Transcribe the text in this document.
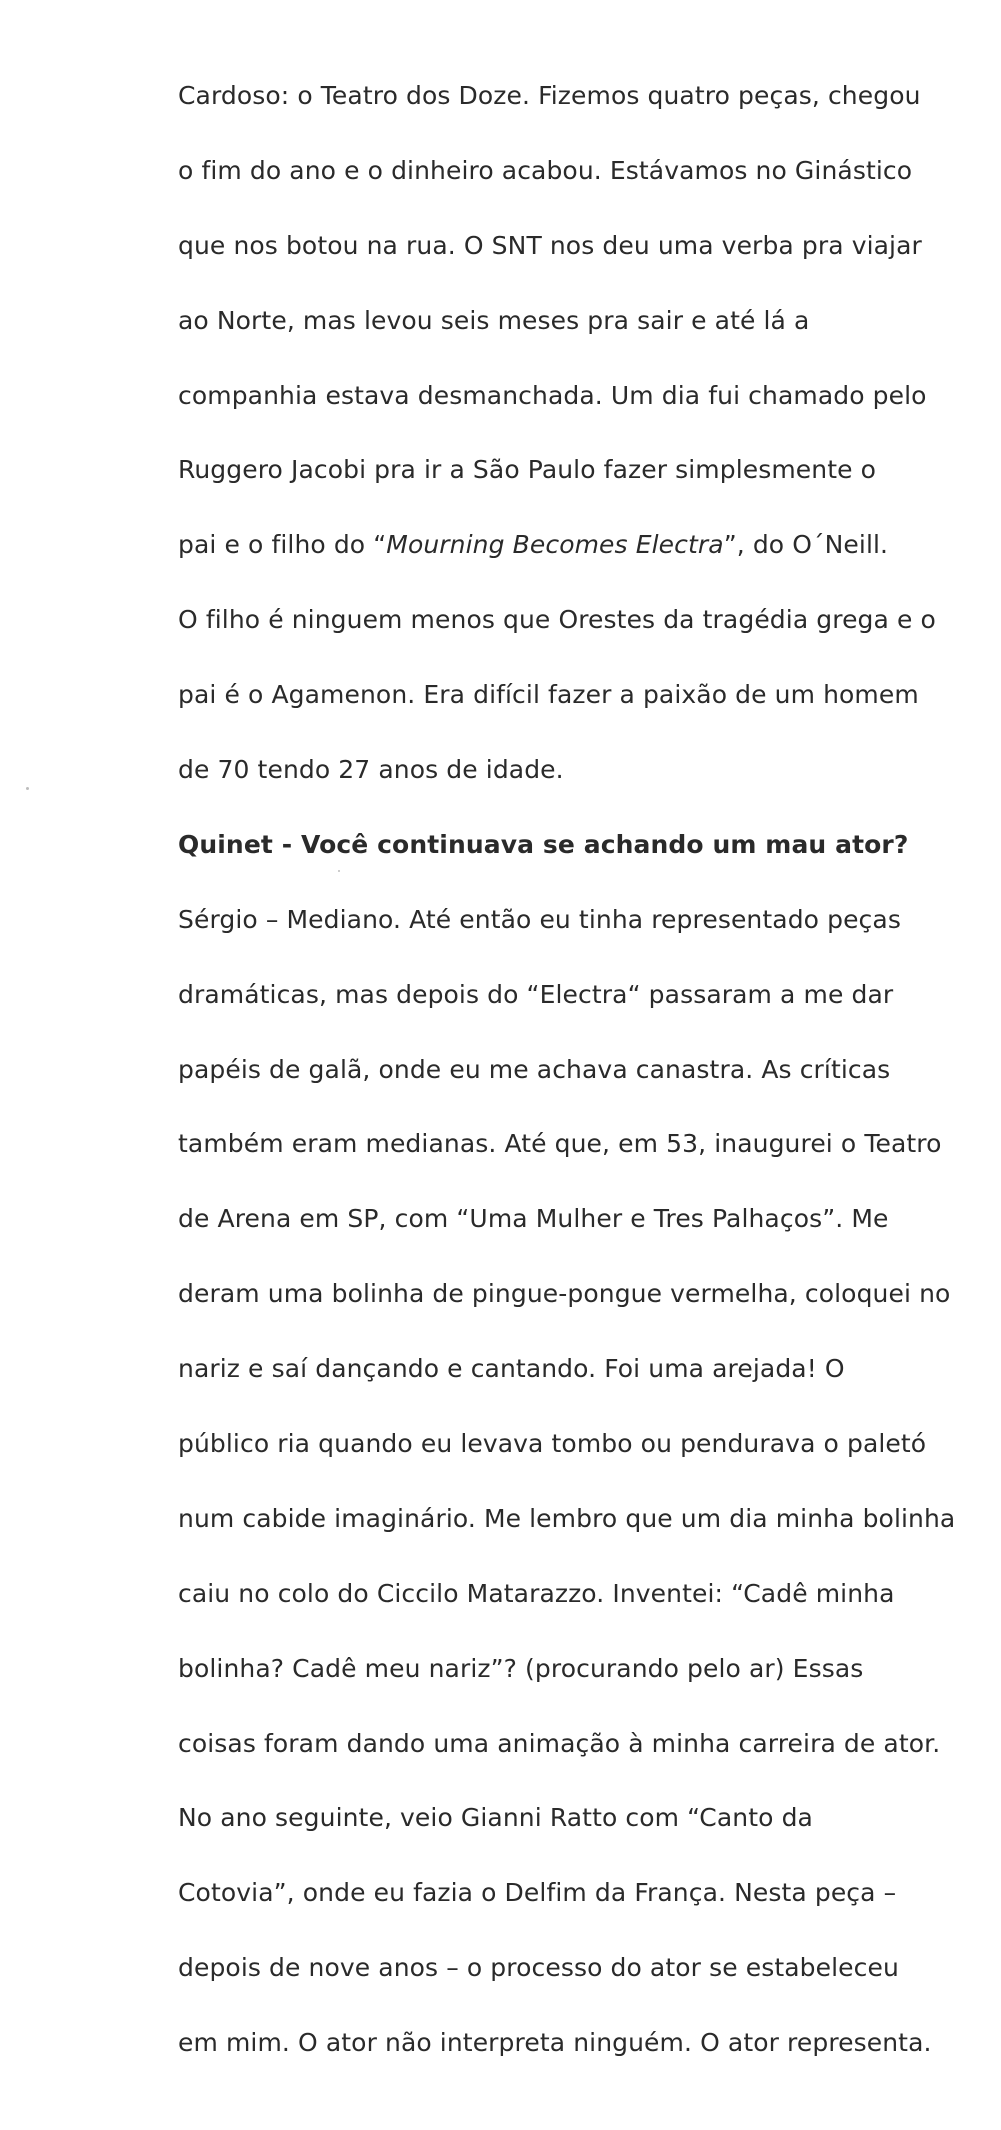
Cardoso: o Teatro dos Doze. Fizemos quatro peças, chegou
o fim do ano e o dinheiro acabou. Estávamos no Ginástico
que nos botou na rua. O SNT nos deu uma verba pra viajar
ao Norte, mas levou seis meses pra sair e até lá a
companhia estava desmanchada. Um dia fui chamado pelo
Ruggero Jacobi pra ir a São Paulo fazer simplesmente o
pai e o filho do “Mourning Becomes Electra”, do O´Neill.
O filho é ninguem menos que Orestes da tragédia grega e o
pai é o Agamenon. Era difícil fazer a paixão de um homem
de 70 tendo 27 anos de idade.
Quinet - Você continuava se achando um mau ator?
Sérgio – Mediano. Até então eu tinha representado peças
dramáticas, mas depois do “Electra“ passaram a me dar
papéis de galã, onde eu me achava canastra. As críticas
também eram medianas. Até que, em 53, inaugurei o Teatro
de Arena em SP, com “Uma Mulher e Tres Palhaços”. Me
deram uma bolinha de pingue-pongue vermelha, coloquei no
nariz e saí dançando e cantando. Foi uma arejada! O
público ria quando eu levava tombo ou pendurava o paletó
num cabide imaginário. Me lembro que um dia minha bolinha
caiu no colo do Ciccilo Matarazzo. Inventei: “Cadê minha
bolinha? Cadê meu nariz”? (procurando pelo ar) Essas
coisas foram dando uma animação à minha carreira de ator.
No ano seguinte, veio Gianni Ratto com “Canto da
Cotovia”, onde eu fazia o Delfim da França. Nesta peça –
depois de nove anos – o processo do ator se estabeleceu
em mim. O ator não interpreta ninguém. O ator representa.
